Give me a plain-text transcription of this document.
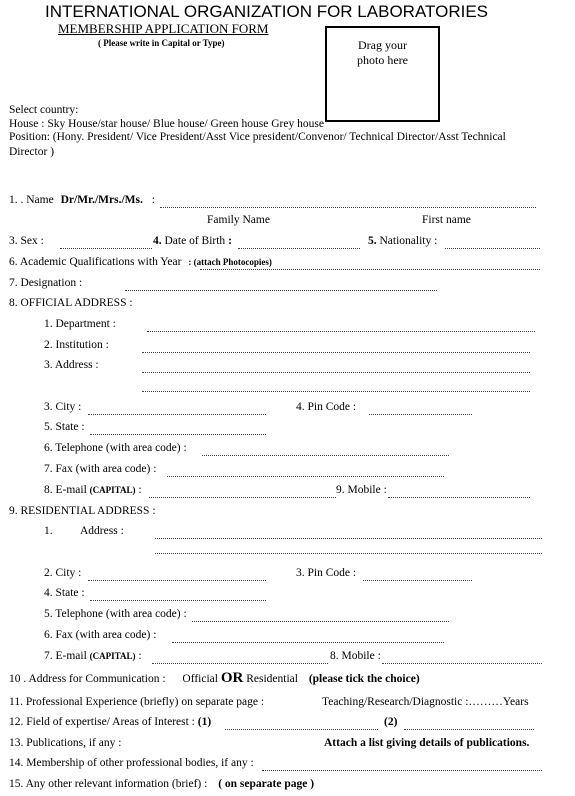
INTERNATIONAL ORGANIZATION FOR LABORATORIES
MEMBERSHIP APPLICATION FORM
( Please write in Capital or Type)	Drag your
photo here
Select country:
House : Sky House/star house/ Blue house/ Green house Grey house
Position: (Hony. President/ Vice President/Asst Vice president/Convenor/ Technical Director/Asst Technical
Director )
1. . Name Dr/Mr./Mrs./Ms. :
Family Name	First name
3. Sex :	4. Date of Birth :	5. Nationality :
6. Academic Qualifications with Year : (attach Photocopies)
7. Designation :
8. OFFICIAL ADDRESS :
1. Department :
2. Institution :
3. Address :
3. City :	4. Pin Code :
5. State :
6. Telephone (with area code) :
7. Fax (with area code) :
8. E-mail (CAPITAL) :	9. Mobile :
9. RESIDENTIAL ADDRESS :
1. Address :
2. City :	3. Pin Code :
4. State :
5. Telephone (with area code) :
6. Fax (with area code) :
7. E-mail (CAPITAL) :	8. Mobile :
10 . Address for Communication : Official OR Residential (please tick the choice)
11. Professional Experience (briefly) on separate page :	Teaching/Research/Diagnostic :………Years
12. Field of expertise/ Areas of Interest : (1)	(2)
13. Publications, if any :	Attach a list giving details of publications.
14. Membership of other professional bodies, if any :
15. Any other relevant information (brief) : ( on separate page )
